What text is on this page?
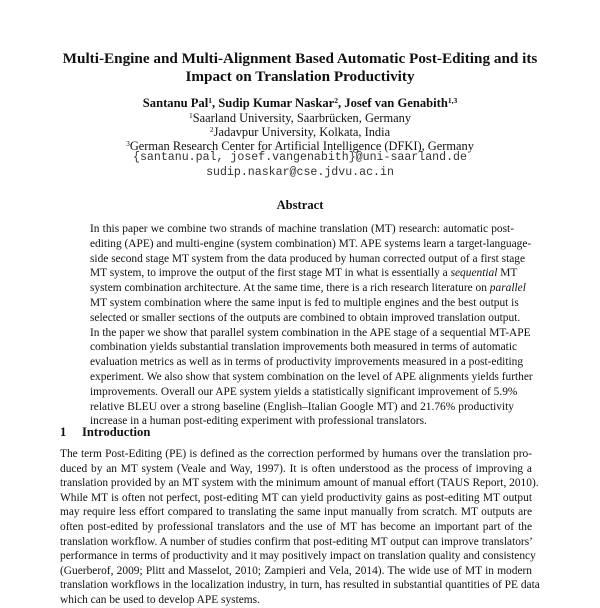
Multi-Engine and Multi-Alignment Based Automatic Post-Editing and its
Impact on Translation Productivity
Santanu Pal$^1$, Sudip Kumar Naskar$^2$, Josef van Genabith$^{1,3}$
$^1$Saarland University, Saarbrücken, Germany
$^2$Jadavpur University, Kolkata, India
$^3$German Research Center for Artificial Intelligence (DFKI), Germany
{santanu.pal, josef.vangenabith}@uni-saarland.de
sudip.naskar@cse.jdvu.ac.in
Abstract
In this paper we combine two strands of machine translation (MT) research: automatic post-
editing (APE) and multi-engine (system combination) MT. APE systems learn a target-language-
side second stage MT system from the data produced by human corrected output of a first stage
MT system, to improve the output of the first stage MT in what is essentially a sequential MT
system combination architecture. At the same time, there is a rich research literature on parallel
MT system combination where the same input is fed to multiple engines and the best output is
selected or smaller sections of the outputs are combined to obtain improved translation output.
In the paper we show that parallel system combination in the APE stage of a sequential MT-APE
combination yields substantial translation improvements both measured in terms of automatic
evaluation metrics as well as in terms of productivity improvements measured in a post-editing
experiment. We also show that system combination on the level of APE alignments yields further
improvements. Overall our APE system yields a statistically significant improvement of 5.9%
relative BLEU over a strong baseline (English–Italian Google MT) and 21.76% productivity
increase in a human post-editing experiment with professional translators.
1 Introduction
The term Post-Editing (PE) is defined as the correction performed by humans over the translation pro-
duced by an MT system (Veale and Way, 1997). It is often understood as the process of improving a
translation provided by an MT system with the minimum amount of manual effort (TAUS Report, 2010).
While MT is often not perfect, post-editing MT can yield productivity gains as post-editing MT output
may require less effort compared to translating the same input manually from scratch. MT outputs are
often post-edited by professional translators and the use of MT has become an important part of the
translation workflow. A number of studies confirm that post-editing MT output can improve translators’
performance in terms of productivity and it may positively impact on translation quality and consistency
(Guerberof, 2009; Plitt and Masselot, 2010; Zampieri and Vela, 2014). The wide use of MT in modern
translation workflows in the localization industry, in turn, has resulted in substantial quantities of PE data
which can be used to develop APE systems.
